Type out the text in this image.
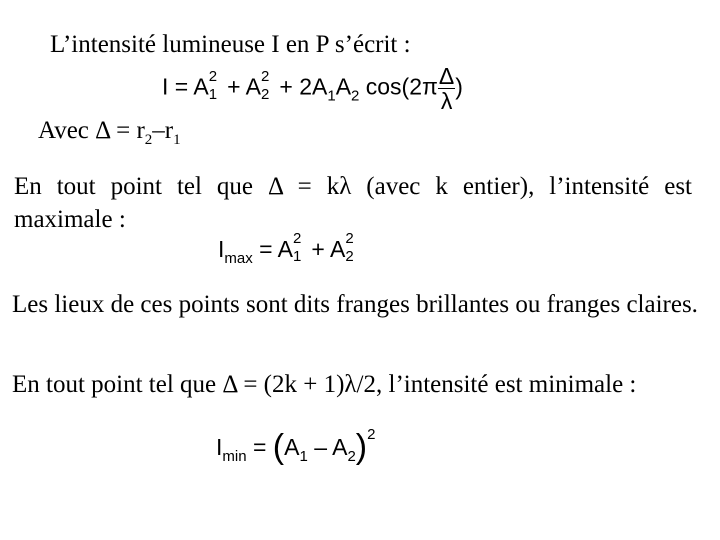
L’intensité lumineuse I en P s’écrit :
I = A 2
1 + A 2
$2 + 2A_1A_2$ $\cos(2\pi \frac{\Delta}{\lambda}$ )
Avec $\Delta = r_2-r_1$
En tout point tel que Δ = kλ (avec k entier), l’intensité est maximale :
$I_{max} = A$ 2
1 + A 2
2
Les lieux de ces points sont dits franges brillantes ou franges claires.
En tout point tel que Δ = (2k + 1)λ/2, l’intensité est minimale :
$I_{min} = (A_1 - A_2)^2$
